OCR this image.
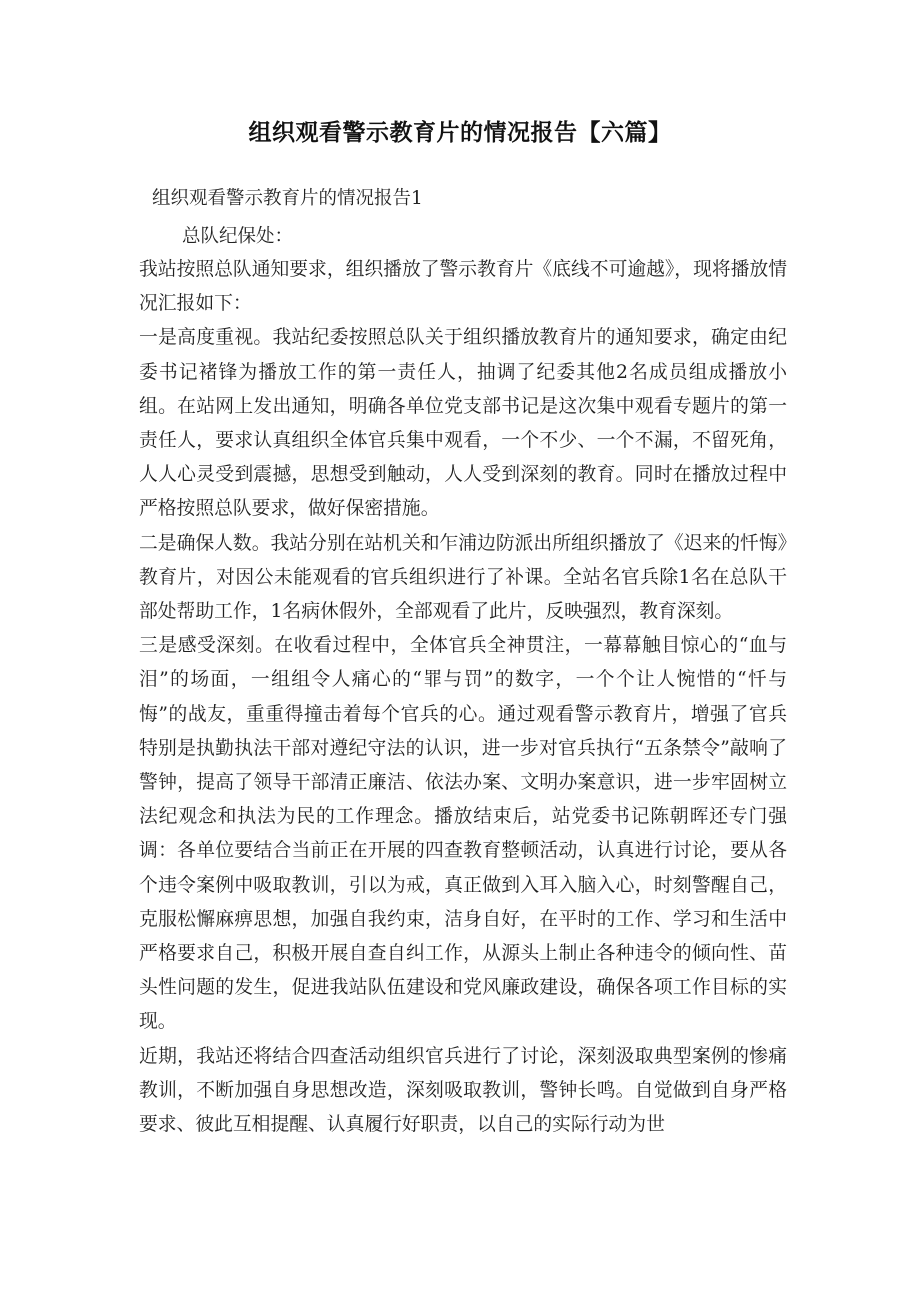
组织观看警示教育片的情况报告【六篇】

组织观看警示教育片的情况报告1

总队纪保处：

我站按照总队通知要求，组织播放了警示教育片《底线不可逾越》，现将播放情况汇报如下：

一是高度重视。我站纪委按照总队关于组织播放教育片的通知要求，确定由纪委书记褚锋为播放工作的第一责任人，抽调了纪委其他2名成员组成播放小组。在站网上发出通知，明确各单位党支部书记是这次集中观看专题片的第一责任人，要求认真组织全体官兵集中观看，一个不少、一个不漏，不留死角，人人心灵受到震撼，思想受到触动，人人受到深刻的教育。同时在播放过程中严格按照总队要求，做好保密措施。

二是确保人数。我站分别在站机关和乍浦边防派出所组织播放了《迟来的忏悔》教育片，对因公未能观看的官兵组织进行了补课。全站名官兵除1名在总队干部处帮助工作，1名病休假外，全部观看了此片，反映强烈，教育深刻。

三是感受深刻。在收看过程中，全体官兵全神贯注，一幕幕触目惊心的“血与泪”的场面，一组组令人痛心的“罪与罚”的数字，一个个让人惋惜的“忏与悔”的战友，重重得撞击着每个官兵的心。通过观看警示教育片，增强了官兵特别是执勤执法干部对遵纪守法的认识，进一步对官兵执行“五条禁令”敲响了警钟，提高了领导干部清正廉洁、依法办案、文明办案意识，进一步牢固树立法纪观念和执法为民的工作理念。播放结束后，站党委书记陈朝晖还专门强调：各单位要结合当前正在开展的四查教育整顿活动，认真进行讨论，要从各个违令案例中吸取教训，引以为戒，真正做到入耳入脑入心，时刻警醒自己，克服松懈麻痹思想，加强自我约束，洁身自好，在平时的工作、学习和生活中严格要求自己，积极开展自查自纠工作，从源头上制止各种违令的倾向性、苗头性问题的发生，促进我站队伍建设和党风廉政建设，确保各项工作目标的实现。

近期，我站还将结合四查活动组织官兵进行了讨论，深刻汲取典型案例的惨痛教训，不断加强自身思想改造，深刻吸取教训，警钟长鸣。自觉做到自身严格要求、彼此互相提醒、认真履行好职责，以自己的实际行动为世
